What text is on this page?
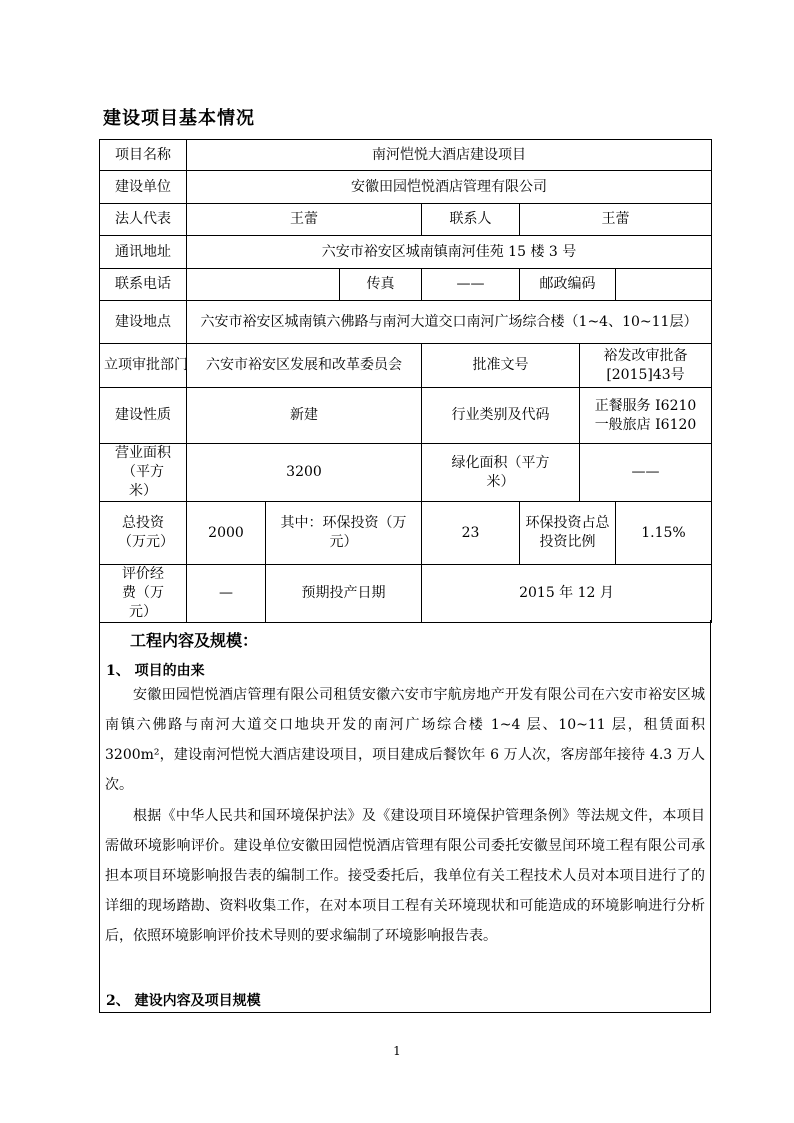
建设项目基本情况
项目名称	南河恺悦大酒店建设项目						
建设单位	安徽田园恺悦酒店管理有限公司						
法人代表	王蕾			联系人	王蕾		
通讯地址	六安市裕安区城南镇南河佳苑 15 楼 3 号						
联系电话			传真	——	邮政编码		
建设地点	六安市裕安区城南镇六佛路与南河大道交口南河广场综合楼（1~4、10~11层）						
立项审批部门	六安市裕安区发展和改革委员会			批准文号		裕发改审批备[2015]43号	
建设性质	新建			行业类别及代码		正餐服务 I6210
一般旅店 I6120	

营业面积（平方米）	3200			绿化面积（平方米）		——	
总投资（万元）	2000	其中：环保投资（万元）		23	环保投资占总投资比例		1.15%
评价经费（万元）	—	预期投产日期		2015 年 12 月			
工程内容及规模：
1、 项目的由来

安徽田园恺悦酒店管理有限公司租赁安徽六安市宇航房地产开发有限公司在六安市裕安区城南镇六佛路与南河大道交口地块开发的南河广场综合楼 1~4 层、10~11 层，租赁面积 3200m²，建设南河恺悦大酒店建设项目，项目建成后餐饮年 6 万人次，客房部年接待 4.3 万人次。

根据《中华人民共和国环境保护法》及《建设项目环境保护管理条例》等法规文件，本项目需做环境影响评价。建设单位安徽田园恺悦酒店管理有限公司委托安徽昱闰环境工程有限公司承担本项目环境影响报告表的编制工作。接受委托后，我单位有关工程技术人员对本项目进行了的详细的现场踏勘、资料收集工作，在对本项目工程有关环境现状和可能造成的环境影响进行分析后，依照环境影响评价技术导则的要求编制了环境影响报告表。

2、 建设内容及项目规模
1
